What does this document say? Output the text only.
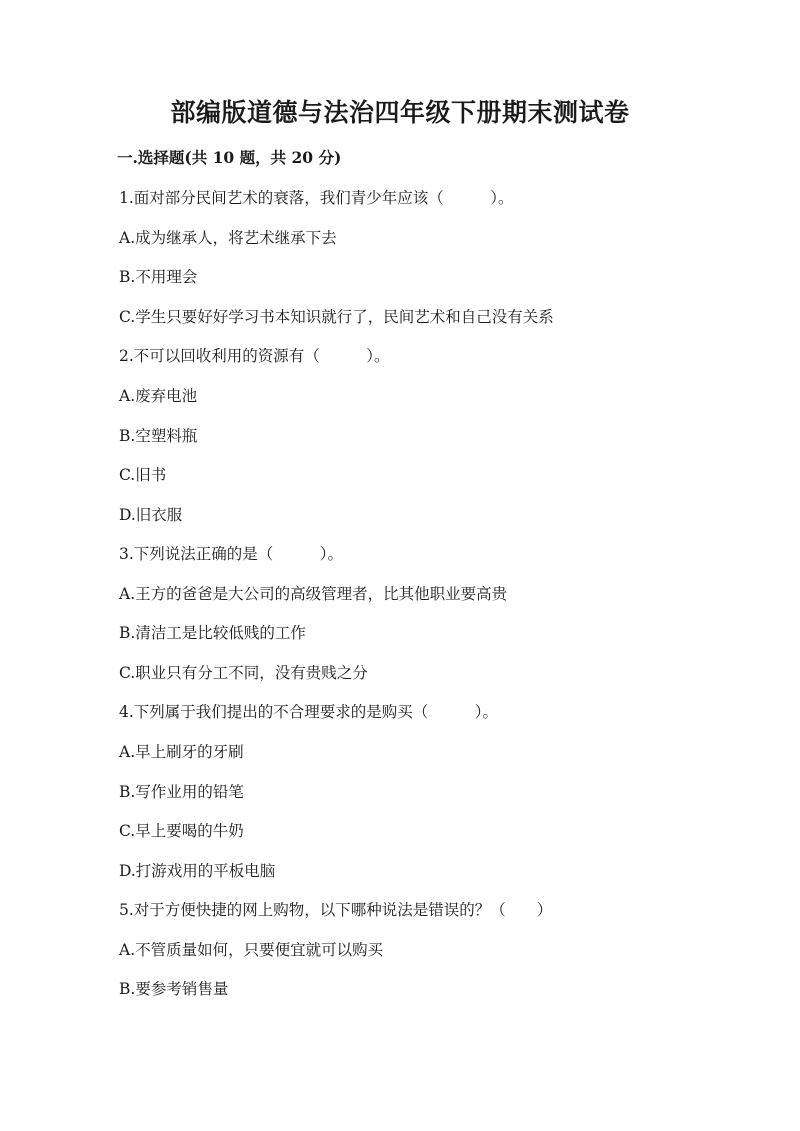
部编版道德与法治四年级下册期末测试卷
一.选择题(共 10 题，共 20 分)
1.面对部分民间艺术的衰落，我们青少年应该（　　　）。
A.成为继承人，将艺术继承下去
B.不用理会
C.学生只要好好学习书本知识就行了，民间艺术和自己没有关系
2.不可以回收利用的资源有（　　　）。
A.废弃电池
B.空塑料瓶
C.旧书
D.旧衣服
3.下列说法正确的是（　　　）。
A.王方的爸爸是大公司的高级管理者，比其他职业要高贵
B.清洁工是比较低贱的工作
C.职业只有分工不同，没有贵贱之分
4.下列属于我们提出的不合理要求的是购买（　　　）。
A.早上刷牙的牙刷
B.写作业用的铅笔
C.早上要喝的牛奶
D.打游戏用的平板电脑
5.对于方便快捷的网上购物，以下哪种说法是错误的？（　　）
A.不管质量如何，只要便宜就可以购买
B.要参考销售量
